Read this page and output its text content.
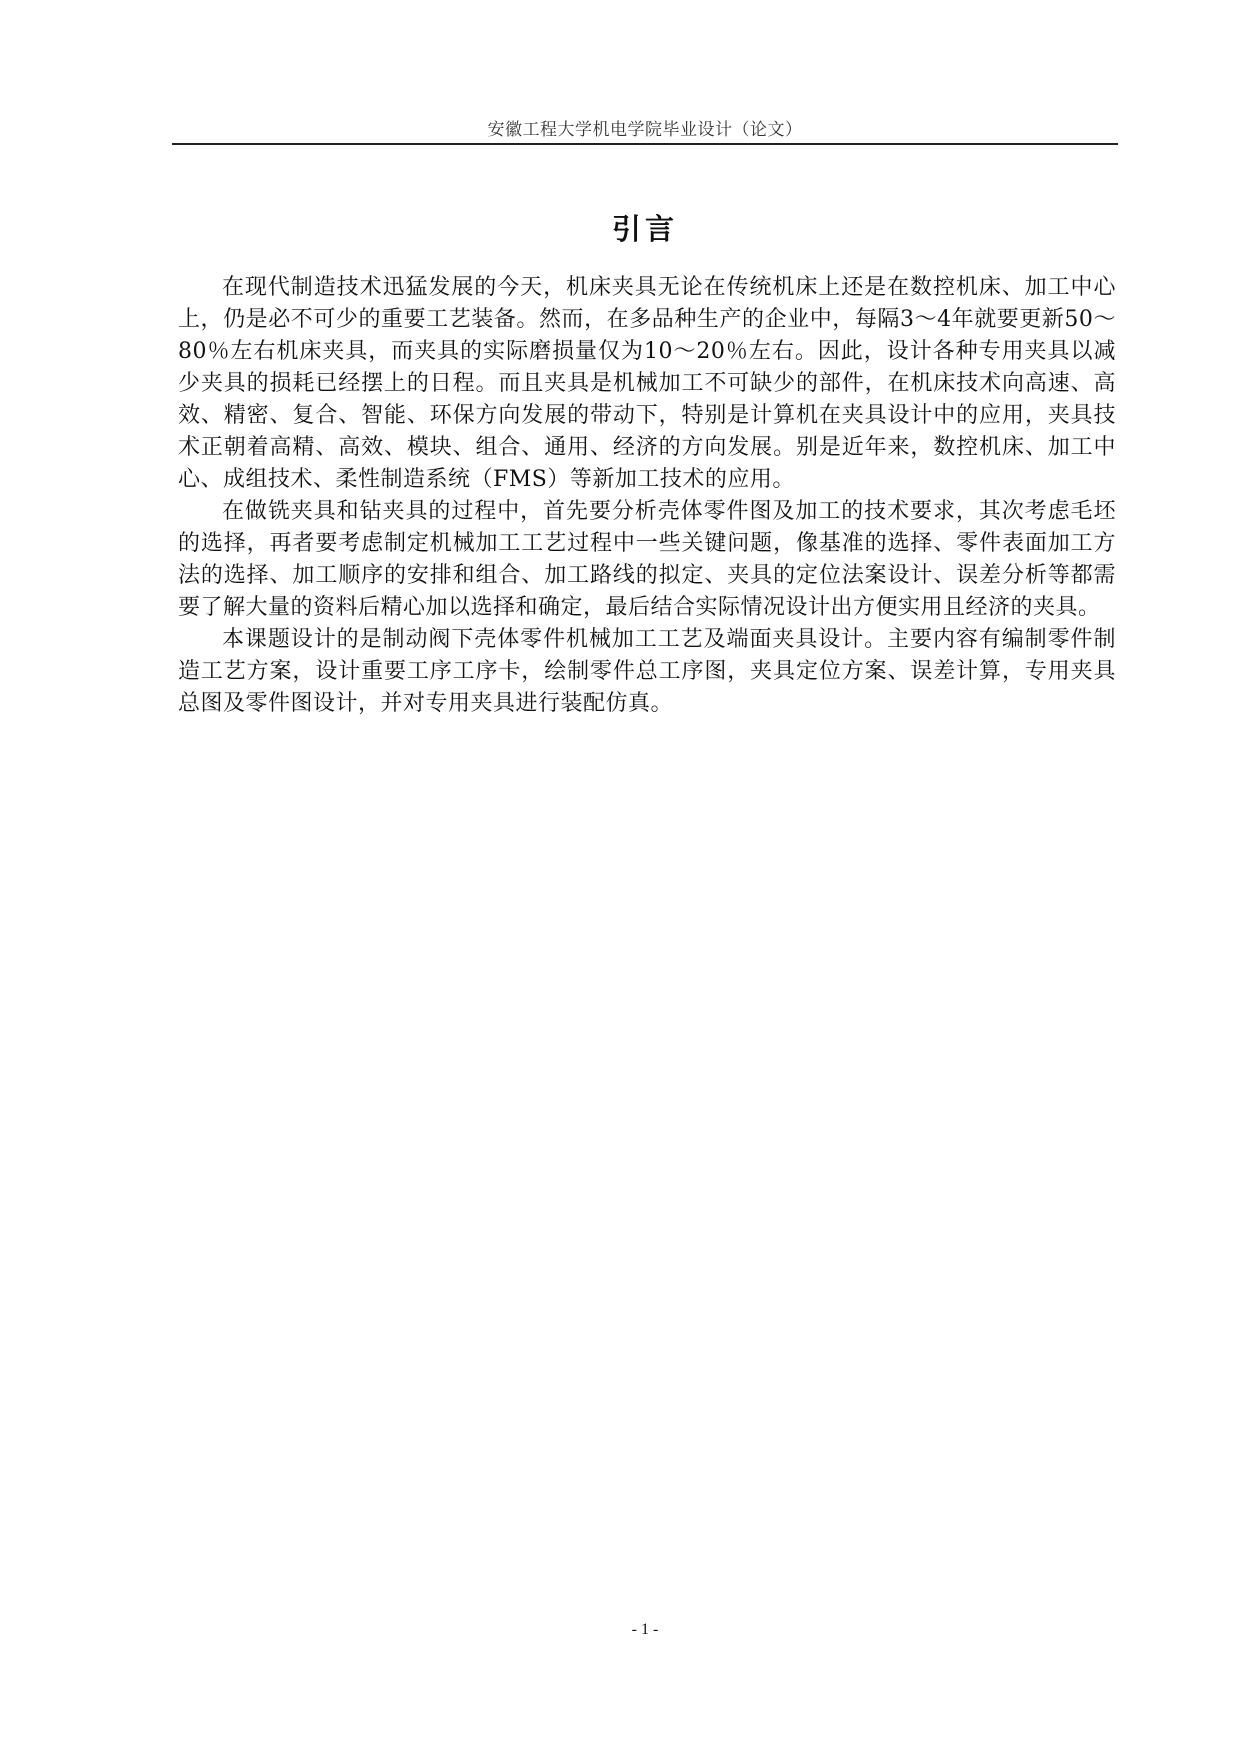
安徽工程大学机电学院毕业设计（论文）
引言

在现代制造技术迅猛发展的今天，机床夹具无论在传统机床上还是在数控机床、加工中心上，仍是必不可少的重要工艺装备。然而，在多品种生产的企业中，每隔3～4年就要更新50～80％左右机床夹具，而夹具的实际磨损量仅为10～20％左右。因此，设计各种专用夹具以减少夹具的损耗已经摆上的日程。而且夹具是机械加工不可缺少的部件，在机床技术向高速、高效、精密、复合、智能、环保方向发展的带动下，特别是计算机在夹具设计中的应用，夹具技术正朝着高精、高效、模块、组合、通用、经济的方向发展。别是近年来，数控机床、加工中心、成组技术、柔性制造系统（FMS）等新加工技术的应用。

在做铣夹具和钻夹具的过程中，首先要分析壳体零件图及加工的技术要求，其次考虑毛坯的选择，再者要考虑制定机械加工工艺过程中一些关键问题，像基准的选择、零件表面加工方法的选择、加工顺序的安排和组合、加工路线的拟定、夹具的定位法案设计、误差分析等都需要了解大量的资料后精心加以选择和确定，最后结合实际情况设计出方便实用且经济的夹具。

本课题设计的是制动阀下壳体零件机械加工工艺及端面夹具设计。主要内容有编制零件制造工艺方案，设计重要工序工序卡，绘制零件总工序图，夹具定位方案、误差计算，专用夹具总图及零件图设计，并对专用夹具进行装配仿真。

- 1 -
